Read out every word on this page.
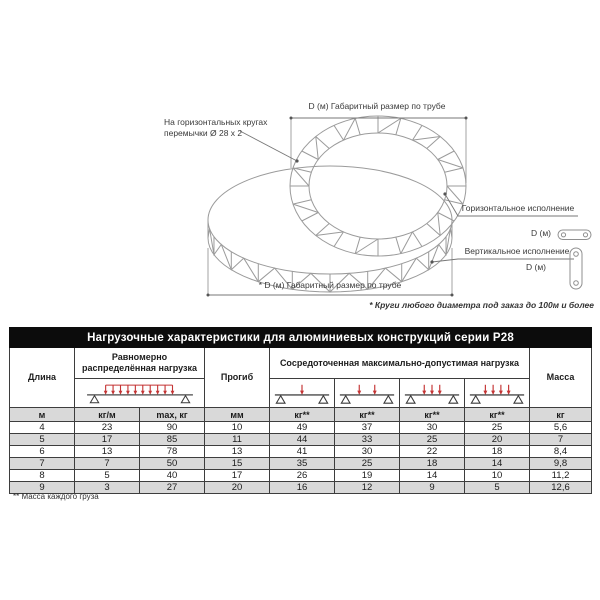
D (м) Габаритный размер по трубе
На горизонтальных кругах
перемычки Ø 28 x 2
Горизонтальное исполнение
D (м)
Вертикальное исполнение
D (м)
* D (м) Габаритный размер по трубе
* Круги любого диаметра под заказ до 100м и более
Нагрузочные характеристики для алюминиевых конструкций серии Р28								
Длина	Равномерно распределённая нагрузка		Прогиб	Сосредоточенная максимально-допустимая нагрузка				Масса

м	кг/м	max, кг	мм	кг**	кг**	кг**	кг**	кг
4	23	90	10	49	37	30	25	5,6
5	17	85	11	44	33	25	20	7
6	13	78	13	41	30	22	18	8,4
7	7	50	15	35	25	18	14	9,8
8	5	40	17	26	19	14	10	11,2
9	3	27	20	16	12	9	5	12,6
** Масса каждого груза
